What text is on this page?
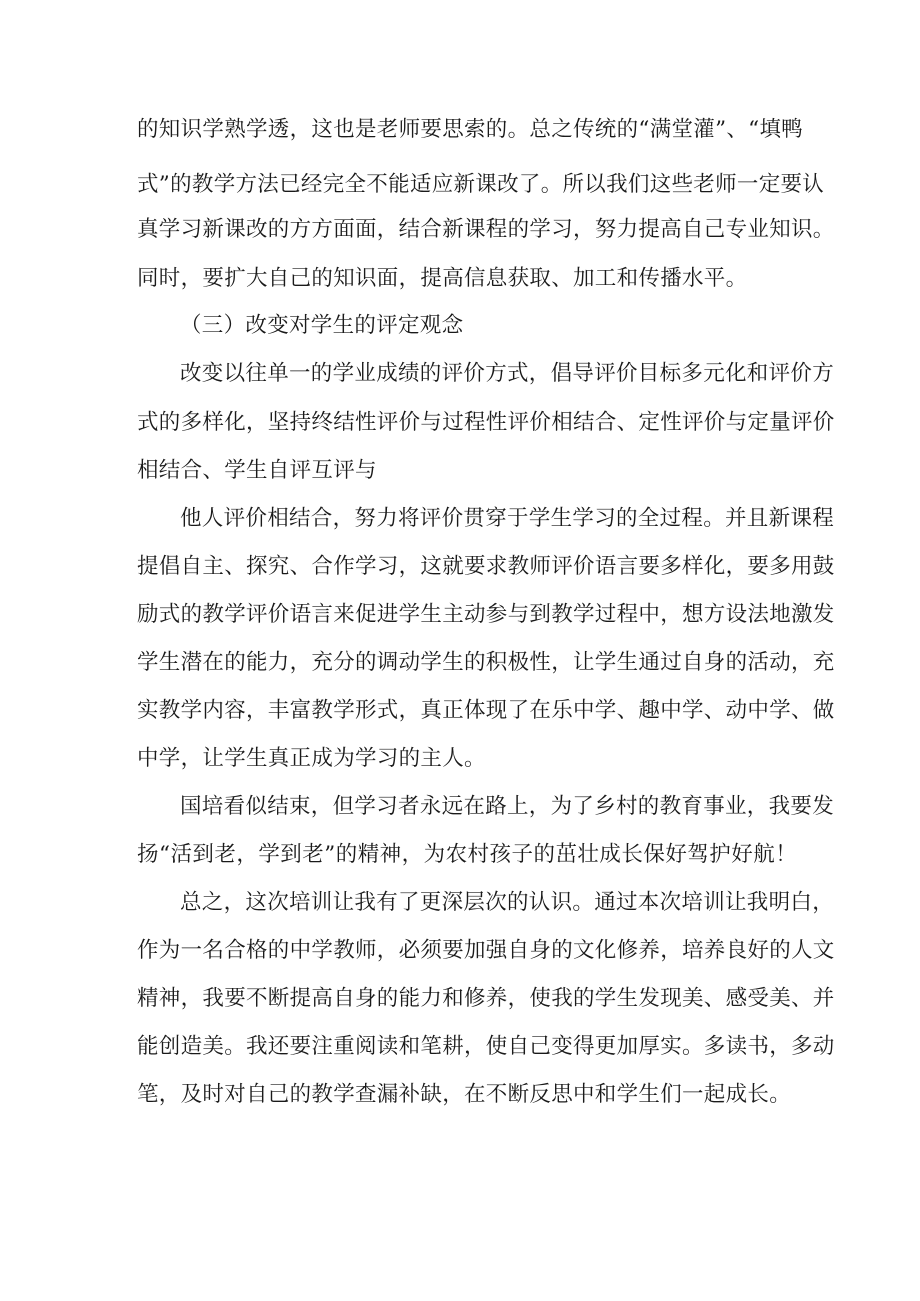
的知识学熟学透，这也是老师要思索的。总之传统的“满堂灌”、“填鸭
式”的教学方法已经完全不能适应新课改了。所以我们这些老师一定要认
真学习新课改的方方面面，结合新课程的学习，努力提高自己专业知识。
同时，要扩大自己的知识面，提高信息获取、加工和传播水平。
（三）改变对学生的评定观念
改变以往单一的学业成绩的评价方式，倡导评价目标多元化和评价方
式的多样化，坚持终结性评价与过程性评价相结合、定性评价与定量评价
相结合、学生自评互评与
他人评价相结合，努力将评价贯穿于学生学习的全过程。并且新课程
提倡自主、探究、合作学习，这就要求教师评价语言要多样化，要多用鼓
励式的教学评价语言来促进学生主动参与到教学过程中，想方设法地激发
学生潜在的能力，充分的调动学生的积极性，让学生通过自身的活动，充
实教学内容，丰富教学形式，真正体现了在乐中学、趣中学、动中学、做
中学，让学生真正成为学习的主人。
国培看似结束，但学习者永远在路上，为了乡村的教育事业，我要发
扬“活到老，学到老”的精神，为农村孩子的茁壮成长保好驾护好航！
总之，这次培训让我有了更深层次的认识。通过本次培训让我明白，
作为一名合格的中学教师，必须要加强自身的文化修养，培养良好的人文
精神，我要不断提高自身的能力和修养，使我的学生发现美、感受美、并
能创造美。我还要注重阅读和笔耕，使自己变得更加厚实。多读书，多动
笔，及时对自己的教学查漏补缺，在不断反思中和学生们一起成长。
